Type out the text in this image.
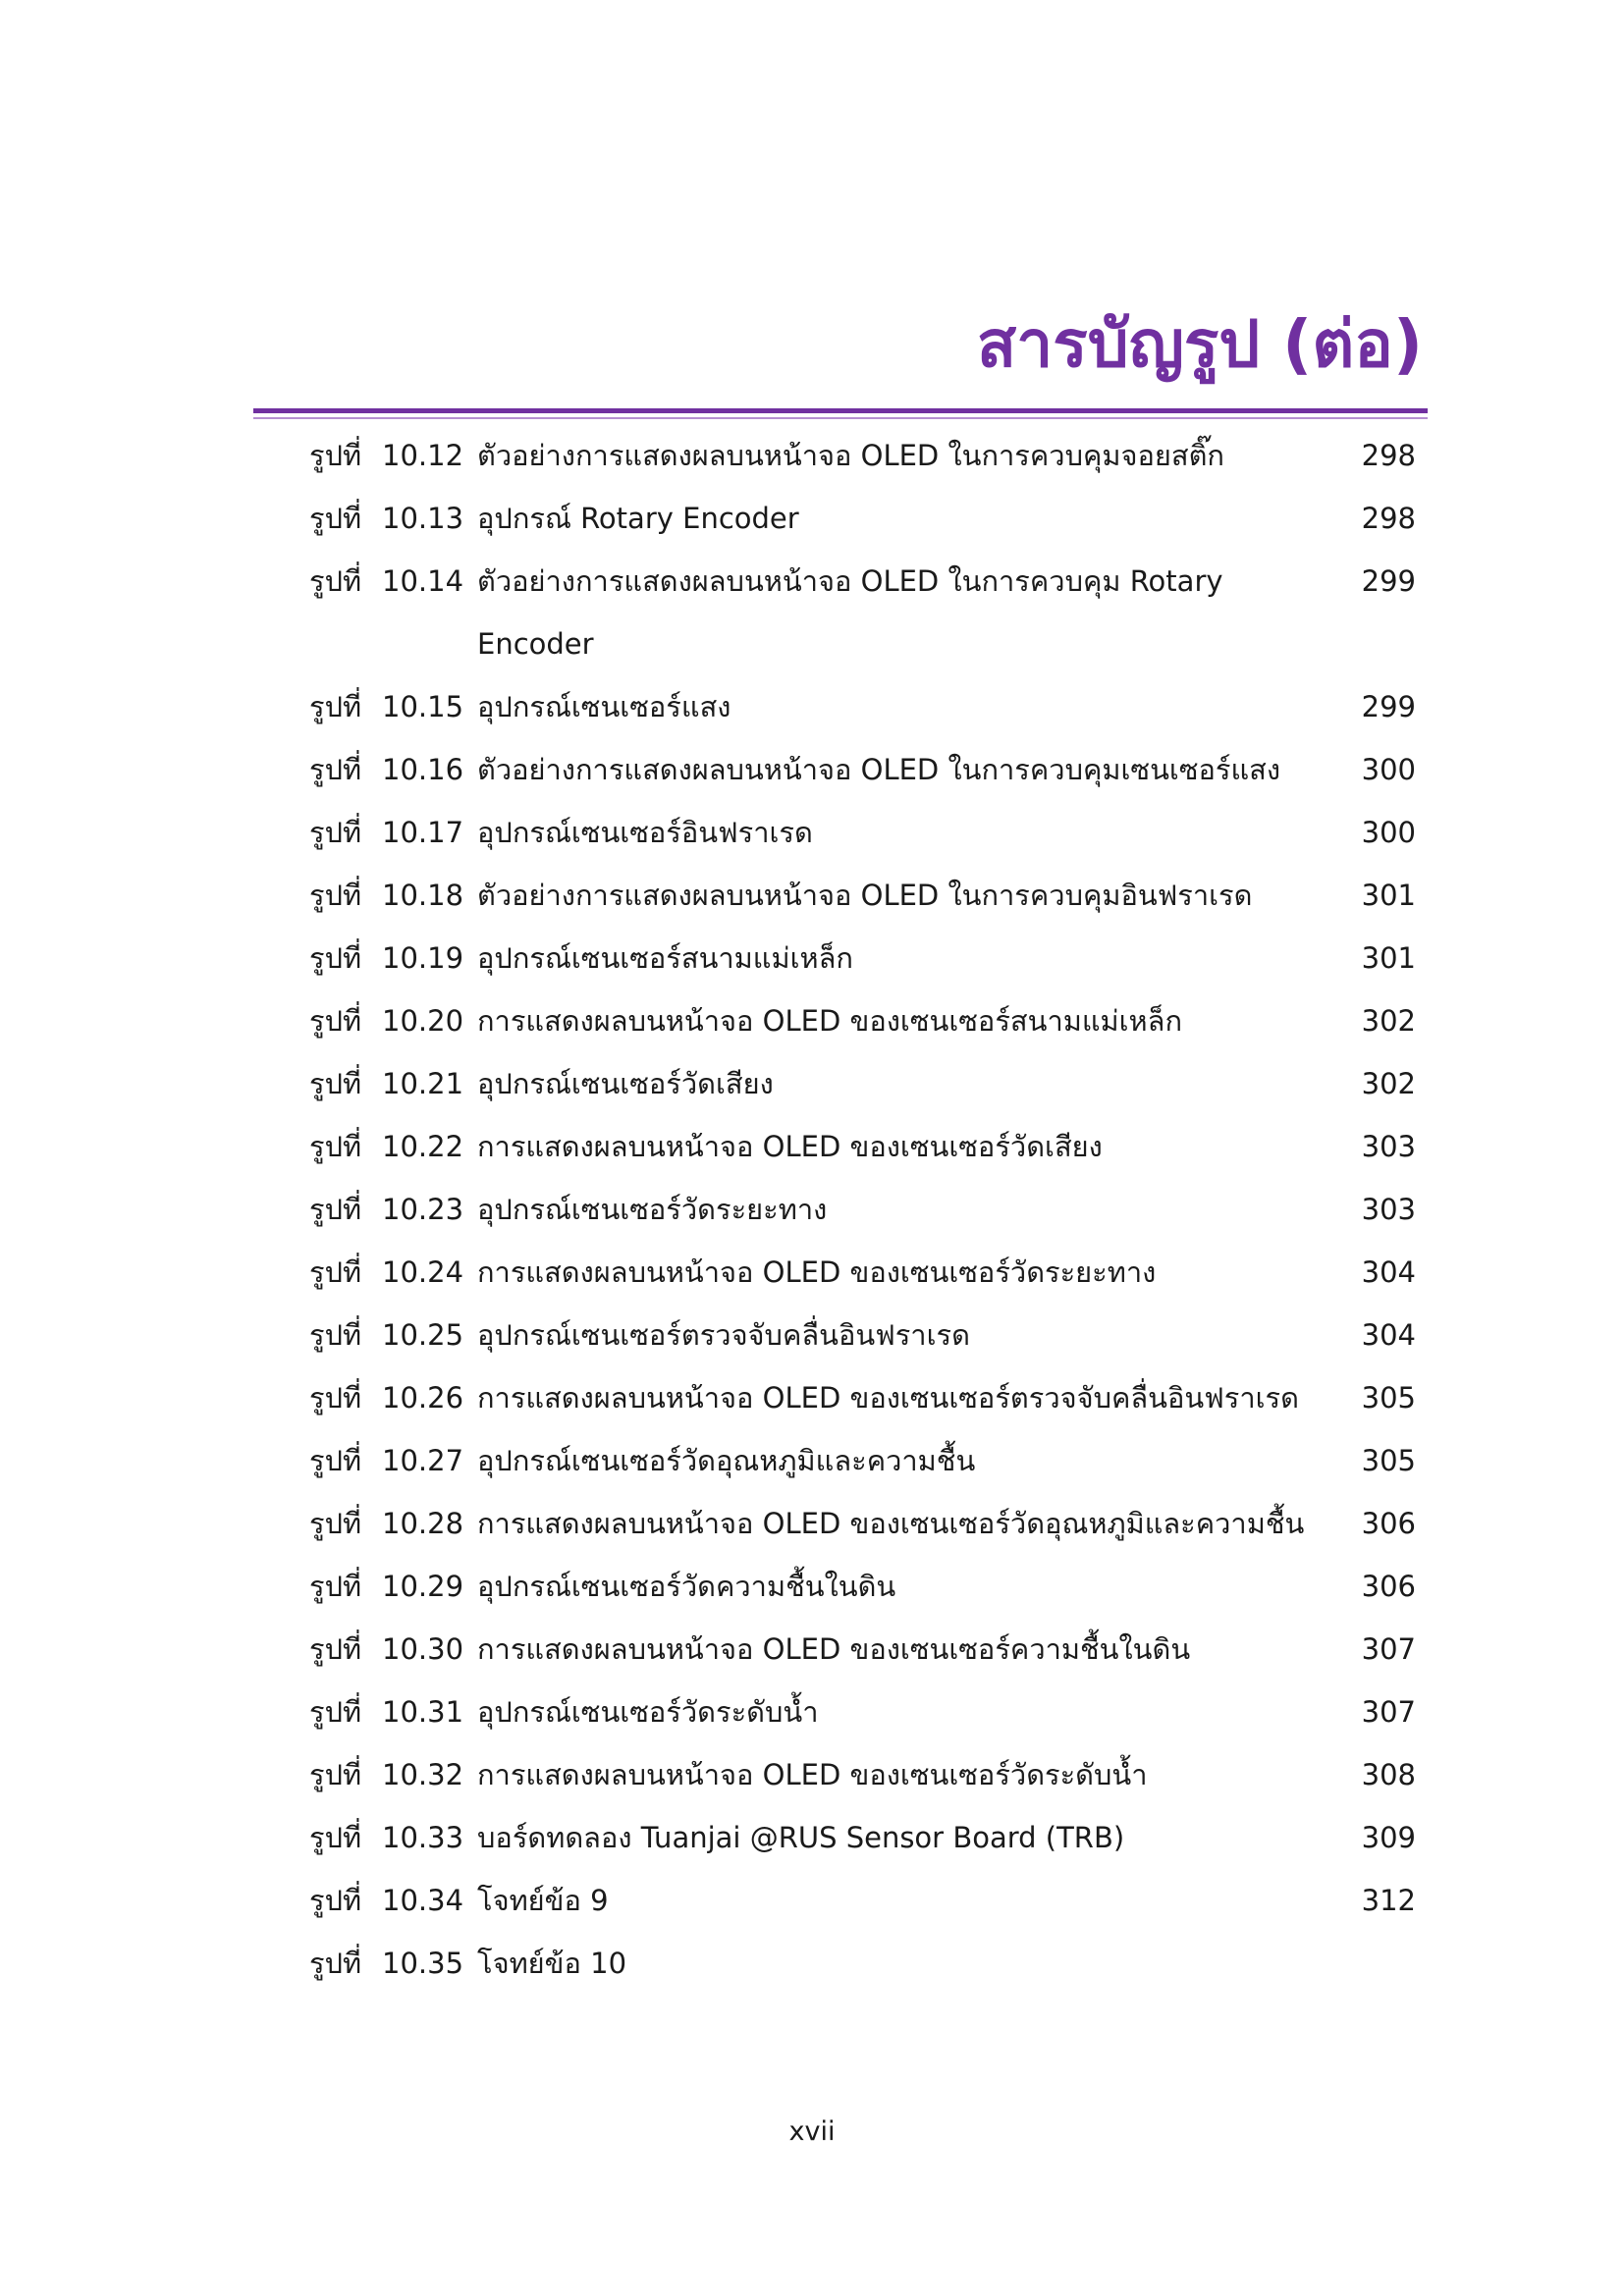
สารบัญรูป (ต่อ)
รูปที่ 10.12 ตัวอย่างการแสดงผลบนหน้าจอ OLED ในการควบคุมจอยสติ๊ก	298
รูปที่ 10.13 อุปกรณ์ Rotary Encoder	298
รูปที่ 10.14 ตัวอย่างการแสดงผลบนหน้าจอ OLED ในการควบคุม Rotary	299
Encoder
รูปที่ 10.15 อุปกรณ์เซนเซอร์แสง	299
รูปที่ 10.16 ตัวอย่างการแสดงผลบนหน้าจอ OLED ในการควบคุมเซนเซอร์แสง	300
รูปที่ 10.17 อุปกรณ์เซนเซอร์อินฟราเรด	300
รูปที่ 10.18 ตัวอย่างการแสดงผลบนหน้าจอ OLED ในการควบคุมอินฟราเรด	301
รูปที่ 10.19 อุปกรณ์เซนเซอร์สนามแม่เหล็ก	301
รูปที่ 10.20 การแสดงผลบนหน้าจอ OLED ของเซนเซอร์สนามแม่เหล็ก	302
รูปที่ 10.21 อุปกรณ์เซนเซอร์วัดเสียง	302
รูปที่ 10.22 การแสดงผลบนหน้าจอ OLED ของเซนเซอร์วัดเสียง	303
รูปที่ 10.23 อุปกรณ์เซนเซอร์วัดระยะทาง	303
รูปที่ 10.24 การแสดงผลบนหน้าจอ OLED ของเซนเซอร์วัดระยะทาง	304
รูปที่ 10.25 อุปกรณ์เซนเซอร์ตรวจจับคลื่นอินฟราเรด	304
รูปที่ 10.26 การแสดงผลบนหน้าจอ OLED ของเซนเซอร์ตรวจจับคลื่นอินฟราเรด 305
รูปที่ 10.27 อุปกรณ์เซนเซอร์วัดอุณหภูมิและความชื้น	305
รูปที่ 10.28 การแสดงผลบนหน้าจอ OLED ของเซนเซอร์วัดอุณหภูมิและความชื้น 306
รูปที่ 10.29 อุปกรณ์เซนเซอร์วัดความชื้นในดิน	306
รูปที่ 10.30 การแสดงผลบนหน้าจอ OLED ของเซนเซอร์ความชื้นในดิน	307
รูปที่ 10.31 อุปกรณ์เซนเซอร์วัดระดับน้ำ	307
รูปที่ 10.32 การแสดงผลบนหน้าจอ OLED ของเซนเซอร์วัดระดับน้ำ	308
รูปที่ 10.33 บอร์ดทดลอง Tuanjai @RUS Sensor Board (TRB)	309
รูปที่ 10.34 โจทย์ข้อ 9	312
รูปที่ 10.35 โจทย์ข้อ 10
xvii
